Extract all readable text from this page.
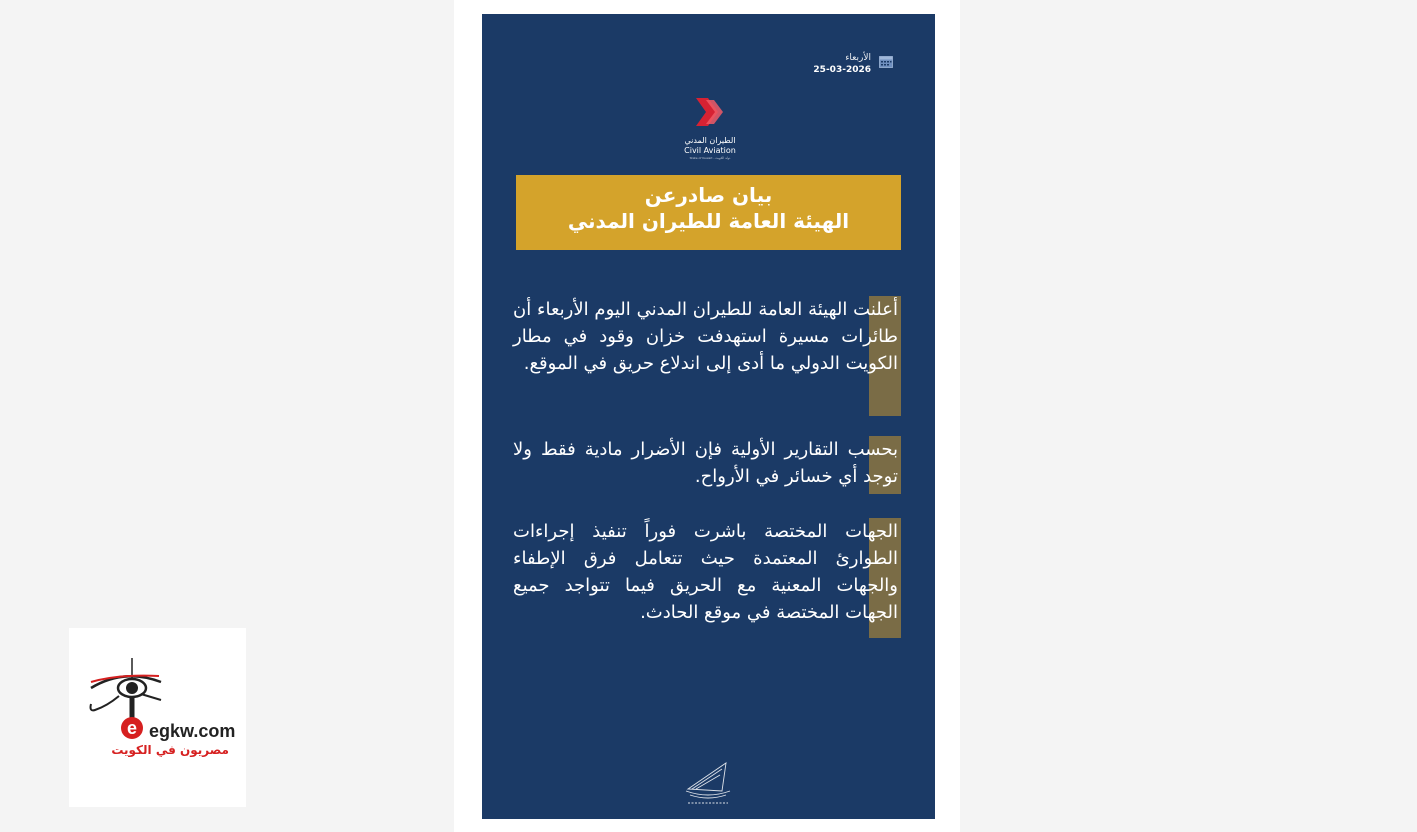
الأربعاء
25-03-2026
الطيران المدني
Civil Aviation
State of Kuwait - دولة الكويت
بيان صادرعن
الهيئة العامة للطيران المدني

أعلنت الهيئة العامة للطيران المدني اليوم الأربعاء أن طائرات مسيرة استهدفت خزان وقود في مطار الكويت الدولي ما أدى إلى اندلاع حريق في الموقع.

بحسب التقارير الأولية فإن الأضرار مادية فقط ولا توجد أي خسائر في الأرواح.

الجهات المختصة باشرت فوراً تنفيذ إجراءات الطوارئ المعتمدة حيث تتعامل فرق الإطفاء والجهات المعنية مع الحريق فيما تتواجد جميع الجهات المختصة في موقع الحادث.

e egkw.com
مصريون في الكويت
